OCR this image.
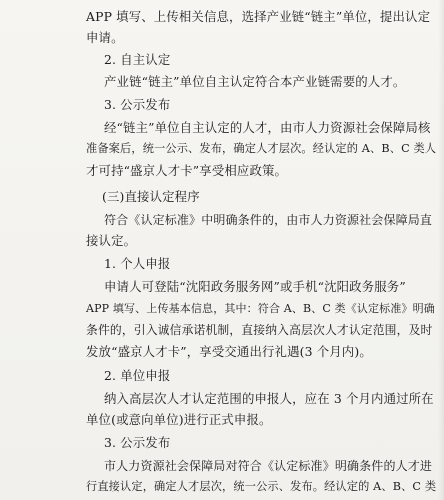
APP 填写、上传相关信息，选择产业链“链主”单位，提出认定
申请。
2. 自主认定
产业链“链主”单位自主认定符合本产业链需要的人才。
3. 公示发布
经“链主”单位自主认定的人才，由市人力资源社会保障局核
准备案后，统一公示、发布，确定人才层次。经认定的 A、B、C 类人
才可持“盛京人才卡”享受相应政策。
(三)直接认定程序
符合《认定标准》中明确条件的，由市人力资源社会保障局直
接认定。
1. 个人申报
申请人可登陆“沈阳政务服务网”或手机“沈阳政务服务”
APP 填写、上传基本信息，其中：符合 A、B、C 类《认定标准》明确
条件的，引入诚信承诺机制，直接纳入高层次人才认定范围，及时
发放“盛京人才卡”，享受交通出行礼遇(3 个月内)。
2. 单位申报
纳入高层次人才认定范围的申报人，应在 3 个月内通过所在
单位(或意向单位)进行正式申报。
3. 公示发布
市人力资源社会保障局对符合《认定标准》明确条件的人才进
行直接认定，确定人才层次，统一公示、发布。经认定的 A、B、C 类
